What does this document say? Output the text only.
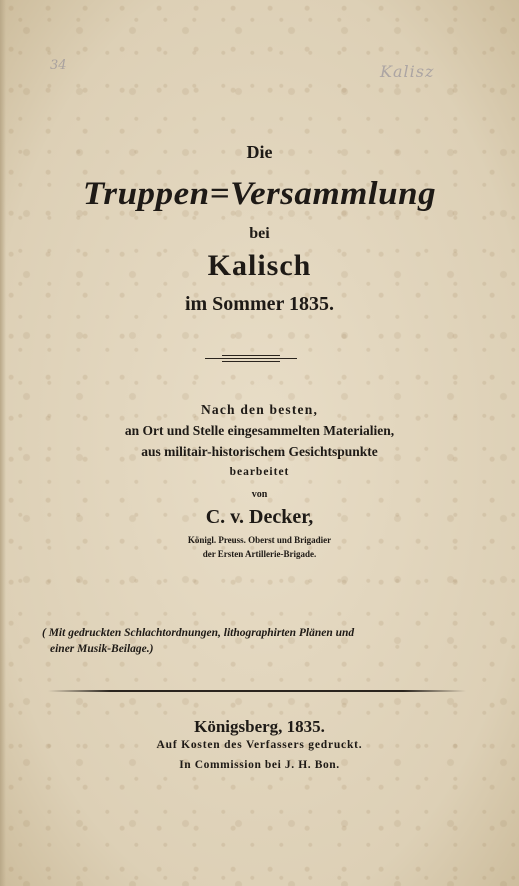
34	Kalisz
Die
Truppen=Versammlung
bei
Kalisch
im Sommer 1835.
Nach den besten,
an Ort und Stelle eingesammelten Materialien,
aus militair-historischem Gesichtspunkte
bearbeitet
von
C. v. Decker,
Königl. Preuss. Oberst und Brigadier
der Ersten Artillerie-Brigade.
( Mit gedruckten Schlachtordnungen, lithographirten Plänen und
einer Musik-Beilage.)
Königsberg, 1835.
Auf Kosten des Verfassers gedruckt.
In Commission bei J. H. Bon.
